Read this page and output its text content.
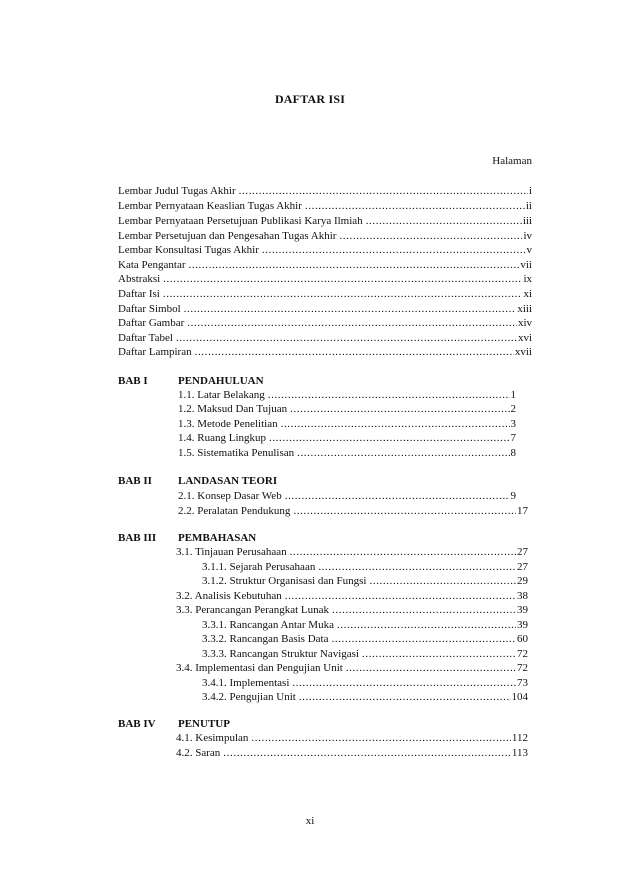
DAFTAR ISI
Halaman
Lembar Judul Tugas Akhir .....	i
Lembar Pernyataan Keaslian Tugas Akhir .....	ii
Lembar Pernyataan Persetujuan Publikasi Karya Ilmiah .....	iii
Lembar Persetujuan dan Pengesahan Tugas Akhir .....	iv
Lembar Konsultasi Tugas Akhir .....	v
Kata Pengantar .....	vii
Abstraksi .....	ix
Daftar Isi .....	xi
Daftar Simbol .....	xiii
Daftar Gambar .....	xiv
Daftar Tabel .....	xvi
Daftar Lampiran .....	xvii
BAB I	PENDAHULUAN
1.1. Latar Belakang .....	1
1.2. Maksud Dan Tujuan .....	2
1.3. Metode Penelitian .....	3
1.4. Ruang Lingkup .....	7
1.5. Sistematika Penulisan .....	8
BAB II LANDASAN TEORI
2.1. Konsep Dasar Web .....	9
2.2. Peralatan Pendukung .....	17
BAB III PEMBAHASAN
3.1. Tinjauan Perusahaan .....	27
3.1.1. Sejarah Perusahaan .....	27
3.1.2. Struktur Organisasi dan Fungsi .....	29
3.2. Analisis Kebutuhan .....	38
3.3. Perancangan Perangkat Lunak .....	39
3.3.1. Rancangan Antar Muka .....	39
3.3.2. Rancangan Basis Data .....	60
3.3.3. Rancangan Struktur Navigasi .....	72
3.4. Implementasi dan Pengujian Unit .....	72
3.4.1. Implementasi .....	73
3.4.2. Pengujian Unit .....	104
BAB IV PENUTUP
4.1. Kesimpulan .....	112
4.2. Saran .....	113
xi
